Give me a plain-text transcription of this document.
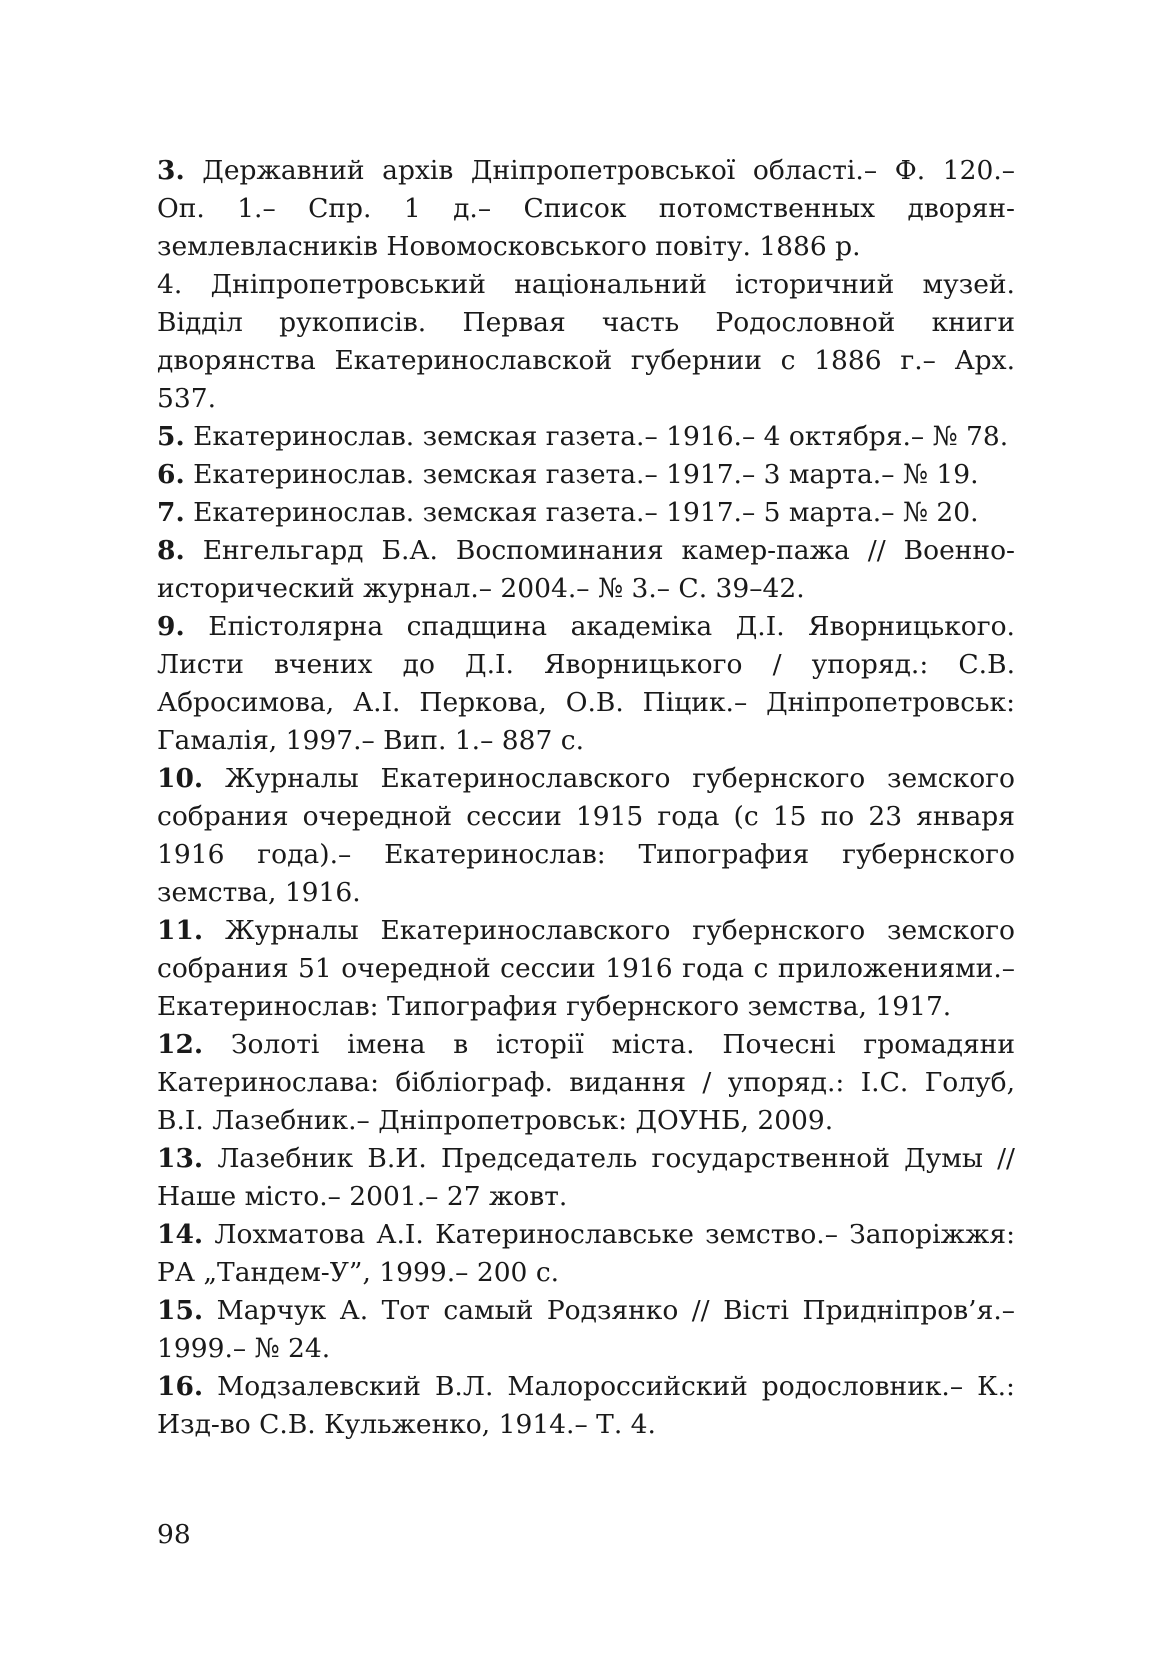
3. Державний архів Дніпропетровської області.– Ф. 120.– Оп. 1.– Спр. 1 д.– Список потомственных дворян-землевласників Новомосковського повіту. 1886 р.
4. Дніпропетровський національний історичний музей. Відділ рукописів. Первая часть Родословной книги дворянства Екатеринославской губернии с 1886 г.– Арх. 537.
5. Екатеринослав. земская газета.– 1916.– 4 октября.– № 78.
6. Екатеринослав. земская газета.– 1917.– 3 марта.– № 19.
7. Екатеринослав. земская газета.– 1917.– 5 марта.– № 20.
8. Енгельгард Б.А. Воспоминания камер-пажа // Военно-исторический журнал.– 2004.– № 3.– С. 39–42.
9. Епістолярна спадщина академіка Д.І. Яворницького. Листи вчених до Д.І. Яворницького / упоряд.: С.В. Абросимова, А.І. Перкова, О.В. Піцик.– Дніпропетровськ: Гамалія, 1997.– Вип. 1.– 887 с.
10. Журналы Екатеринославского губернского земского собрания очередной сессии 1915 года (с 15 по 23 января 1916 года).– Екатеринослав: Типография губернского земства, 1916.
11. Журналы Екатеринославского губернского земского собрания 51 очередной сессии 1916 года с приложениями.– Екатеринослав: Типография губернского земства, 1917.
12. Золоті імена в історії міста. Почесні громадяни Катеринослава: бібліограф. видання / упоряд.: І.С. Голуб, В.І. Лазебник.– Дніпропетровськ: ДОУНБ, 2009.
13. Лазебник В.И. Председатель государственной Думы // Наше місто.– 2001.– 27 жовт.
14. Лохматова А.І. Катеринославське земство.– Запоріжжя: РА „Тандем-У”, 1999.– 200 с.
15. Марчук А. Тот самый Родзянко // Вісті Придніпров’я.– 1999.– № 24.
16. Модзалевский В.Л. Малороссийский родословник.– К.: Изд-во С.В. Кульженко, 1914.– Т. 4.
98
